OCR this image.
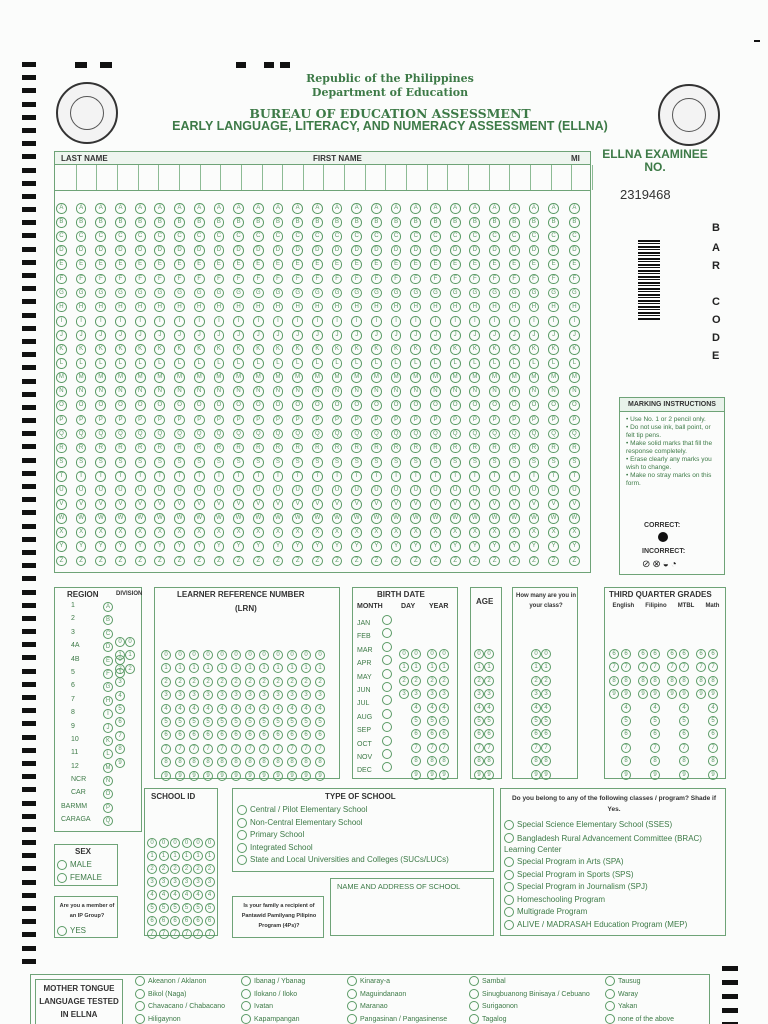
Republic of the Philippines
Department of Education
BUREAU OF EDUCATION ASSESSMENT
EARLY LANGUAGE, LITERACY, AND NUMERACY ASSESSMENT (ELLNA)
ELLNA EXAMINEE NO.
2319468
B
A
R
C
O
D
E
LAST NAME	FIRST NAME	MI
A	A	A	A	A	A	A	A	A	A	A	A	A	A	A	A	A	A	A	A	A	A	A	A	A	A	A
B	B	B	B	B	B	B	B	B	B	B	B	B	B	B	B	B	B	B	B	B	B	B	B	B	B	B
C	C	C	C	C	C	C	C	C	C	C	C	C	C	C	C	C	C	C	C	C	C	C	C	C	C	C
D	D	D	D	D	D	D	D	D	D	D	D	D	D	D	D	D	D	D	D	D	D	D	D	D	D	D
E	E	E	E	E	E	E	E	E	E	E	E	E	E	E	E	E	E	E	E	E	E	E	E	E	E	E
F	F	F	F	F	F	F	F	F	F	F	F	F	F	F	F	F	F	F	F	F	F	F	F	F	F	F
G	G	G	G	G	G	G	G	G	G	G	G	G	G	G	G	G	G	G	G	G	G	G	G	G	G	G
H	H	H	H	H	H	H	H	H	H	H	H	H	H	H	H	H	H	H	H	H	H	H	H	H	H	H
I	I	I	I	I	I	I	I	I	I	I	I	I	I	I	I	I	I	I	I	I	I	I	I	I	I	I
J	J	J	J	J	J	J	J	J	J	J	J	J	J	J	J	J	J	J	J	J	J	J	J	J	J	J
K	K	K	K	K	K	K	K	K	K	K	K	K	K	K	K	K	K	K	K	K	K	K	K	K	K	K
L	L	L	L	L	L	L	L	L	L	L	L	L	L	L	L	L	L	L	L	L	L	L	L	L	L	L
M M M M M M M M M M M M M M M M M M M M M M M M M M	M
N	N	N	N	N	N	N	N	N	N	N	N	N	N	N	N	N	N	N	N	N	N	N	N	N	N	N
O	O	O	O	O	O	O	O	O	O	O	O	O	O	O	O	O	O	O	O	O	O	O	O	O	O	O
P	P	P	P	P	P	P	P	P	P	P	P	P	P	P	P	P	P	P	P	P	P	P	P	P	P	P
Q	Q	Q	Q	Q	Q	Q	Q	Q	Q	Q	Q	Q	Q	Q	Q	Q	Q	Q	Q	Q	Q	Q	Q	Q	Q	Q
R	R	R	R	R	R	R	R	R	R	R	R	R	R	R	R	R	R	R	R	R	R	R	R	R	R	R
S	S	S	S	S	S	S	S	S	S	S	S	S	S	S	S	S	S	S	S	S	S	S	S	S	S	S
T	T	T	T	T	T	T	T	T	T	T	T	T	T	T	T	T	T	T	T	T	T	T	T	T	T	T
U	U	U	U	U	U	U	U	U	U	U	U	U	U	U	U	U	U	U	U	U	U	U	U	U	U	U
V	V	V	V	V	V	V	V	V	V	V	V	V	V	V	V	V	V	V	V	V	V	V	V	V	V	V
W W W W W W W W W W W W W W W W W W W W W W W W W W	W
X	X	X	X	X	X	X	X	X	X	X	X	X	X	X	X	X	X	X	X	X	X	X	X	X	X	X
Y	Y	Y	Y	Y	Y	Y	Y	Y	Y	Y	Y	Y	Y	Y	Y	Y	Y	Y	Y	Y	Y	Y	Y	Y	Y	Y
Z	Z	Z	Z	Z	Z	Z	Z	Z	Z	Z	Z	Z	Z	Z	Z	Z	Z	Z	Z	Z	Z	Z	Z	Z	Z	Z
MARKING INSTRUCTIONS
• Use No. 1 or 2 pencil only.
• Do not use ink, ball point, or felt tip pens.
• Make solid marks that fill the response completely.
• Erase clearly any marks you wish to change.
• Make no stray marks on this form.
CORRECT:
INCORRECT:
⊘⊗◒◔
REGION	DIVISION
1	A
2	B
3	C
4A	D
4B	E
5	F
6	G
7	H
8	I
9	J
10	K
11	L
12	M
NCR	N
CAR	O
BARMM	P
CARAGA	Q
0 00
1 11
2 2
3
4
5
6
7
8
9
LEARNER REFERENCE NUMBER
(LRN)
0 0 0 0 0 0 0 0 0 0 0 0
1 1 1 1 1 1 1 1 1 1 1 1
2 2 2 2 2 2 2 2 2 2 2 2
3 3 3 3 3 3 3 3 3 3 3 3
4 4 4 4 4 4 4 4 4 4 4 4
5 5 5 5 5 5 5 5 5 5 5 5
6 6 6 6 6 6 6 6 6 6 6 6
7 7 7 7 7 7 7 7 7 7 7 7
8 8 8 8 8 8 8 8 8 8 8 8
9 9 9 9 9 9 9 9 9 9 9 9
BIRTH DATE
MONTH	DAY YEAR
JAN
FEB
MAR
APR
MAY
JUN
JUL
AUG
SEP
OCT
NOV
DEC
0 0 0 0
1 1 1 1
2 2 2 2
3 3 3 3
4 4 4
5 5 5
6 6 6
7 7 7
8 8 8
9 9 9
AGE
0 0
1 1
2 2
3 3
4 4
5 5
6 6
7 7
8 8
9 9
How many are you in your class?
0 0
1 1
2 2
3 3
4 4
5 5
6 6
7 7
8 8
9 9
THIRD QUARTER GRADES
English Filipino MTBL Math
6 6 6 6 6 6 6 6
7 7 7 7 7 7 7 7
8 8 8 8 8 8 8 8
9 9 9 9 9 9 9 9
4	4	4	4
5	5	5	5
6	6	6	6
7	7	7	7
8	8	8	8
9	9	9	9
SCHOOL ID
0 0 0 0 0 0
1 1 1 1 1 1
2 2 2 2 2 2
3 3 3 3 3 3
4 4 4 4 4 4
5 5 5 5 5 5
6 6 6 6 6 6
7 7 7 7 7 7
TYPE OF SCHOOL
Central / Pilot Elementary School
Non-Central Elementary School
Primary School
Integrated School
State and Local Universities and Colleges (SUCs/LUCs)
NAME AND ADDRESS OF SCHOOL
Do you belong to any of the following classes / program? Shade if Yes.
Special Science Elementary School (SSES)
Bangladesh Rural Advancement Committee (BRAC) Learning Center
Special Program in Arts (SPA)
Special Program in Sports (SPS)
Special Program in Journalism (SPJ)
Homeschooling Program
Multigrade Program
ALIVE / MADRASAH Education Program (MEP)
SEX
MALE
FEMALE
Are you a member of an IP Group?
YES
Is your family a recipient of Pantawid Pamilyang Pilipino Program (4Ps)?
MOTHER TONGUE LANGUAGE TESTED IN ELLNA
Akeanon / Aklanon
Bikol (Naga)
Chavacano / Chabacano
Hiligaynon
Ibanag / Ybanag
Ilokano / Iloko
Ivatan
Kapampangan
Kinaray-a
Maguindanaon
Maranao
Pangasinan / Pangasinense
Sambal
Sinugbuanong Binisaya / Cebuano
Surigaonon
Tagalog
Tausug
Waray
Yakan
none of the above
